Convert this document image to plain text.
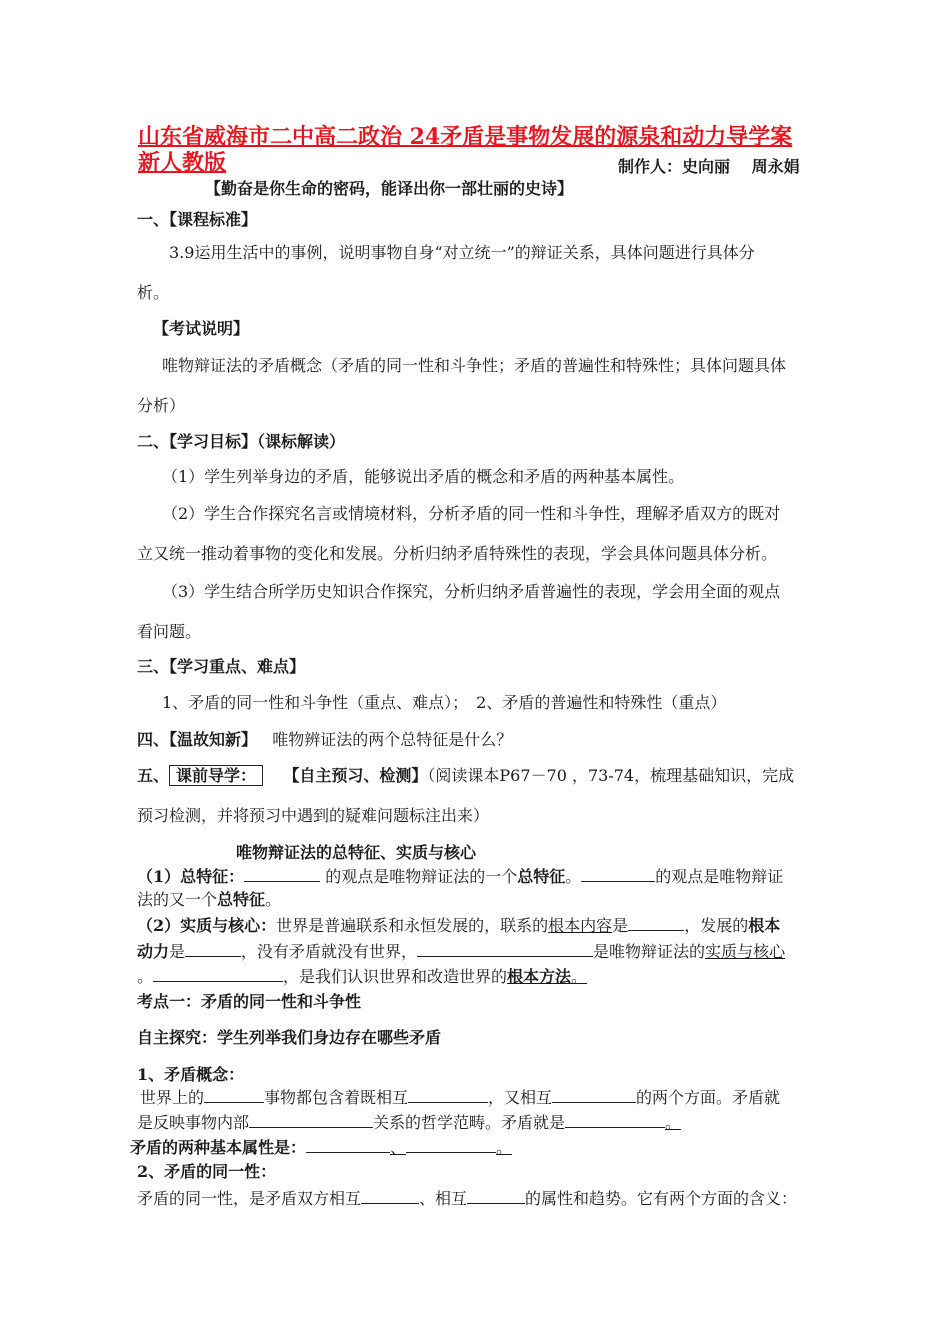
山东省威海市二中高二政治 24矛盾是事物发展的源泉和动力导学案
新人教版	制作人：史向丽　 周永娟
【勤奋是你生命的密码，能译出你一部壮丽的史诗】
一、【课程标准】
3.9运用生活中的事例，说明事物自身“对立统一”的辩证关系，具体问题进行具体分
析。
【考试说明】
唯物辩证法的矛盾概念（矛盾的同一性和斗争性；矛盾的普遍性和特殊性；具体问题具体
分析）
二、【学习目标】（课标解读）
（1）学生列举身边的矛盾，能够说出矛盾的概念和矛盾的两种基本属性。
（2）学生合作探究名言或情境材料，分析矛盾的同一性和斗争性，理解矛盾双方的既对
立又统一推动着事物的变化和发展。分析归纳矛盾特殊性的表现，学会具体问题具体分析。
（3）学生结合所学历史知识合作探究，分析归纳矛盾普遍性的表现，学会用全面的观点
看问题。
三、【学习重点、难点】
1、矛盾的同一性和斗争性（重点、难点）；　2、矛盾的普遍性和特殊性（重点）
四、【温故知新】 唯物辨证法的两个总特征是什么？
五、 课前导学： 【自主预习、检测】（阅读课本P67－70 ，73-74，梳理基础知识，完成
预习检测，并将预习中遇到的疑难问题标注出来）
唯物辩证法的总特征、实质与核心
（1）总特征：	的观点是唯物辩证法的一个总特征。	的观点是唯物辩证
法的又一个总特征。
（2）实质与核心：世界是普遍联系和永恒发展的，联系的根本内容是	，发展的根本
动力是	，没有矛盾就没有世界，	是唯物辩证法的实质与核心
。	，是我们认识世界和改造世界的根本方法。
考点一：矛盾的同一性和斗争性
自主探究：学生列举我们身边存在哪些矛盾
1、矛盾概念：
世界上的	事物都包含着既相互	，又相互	的两个方面。矛盾就
是反映事物内部	关系的哲学范畴。矛盾就是	。
矛盾的两种基本属性是：	、	。
2、矛盾的同一性：
矛盾的同一性，是矛盾双方相互	、相互	的属性和趋势。它有两个方面的含义：
